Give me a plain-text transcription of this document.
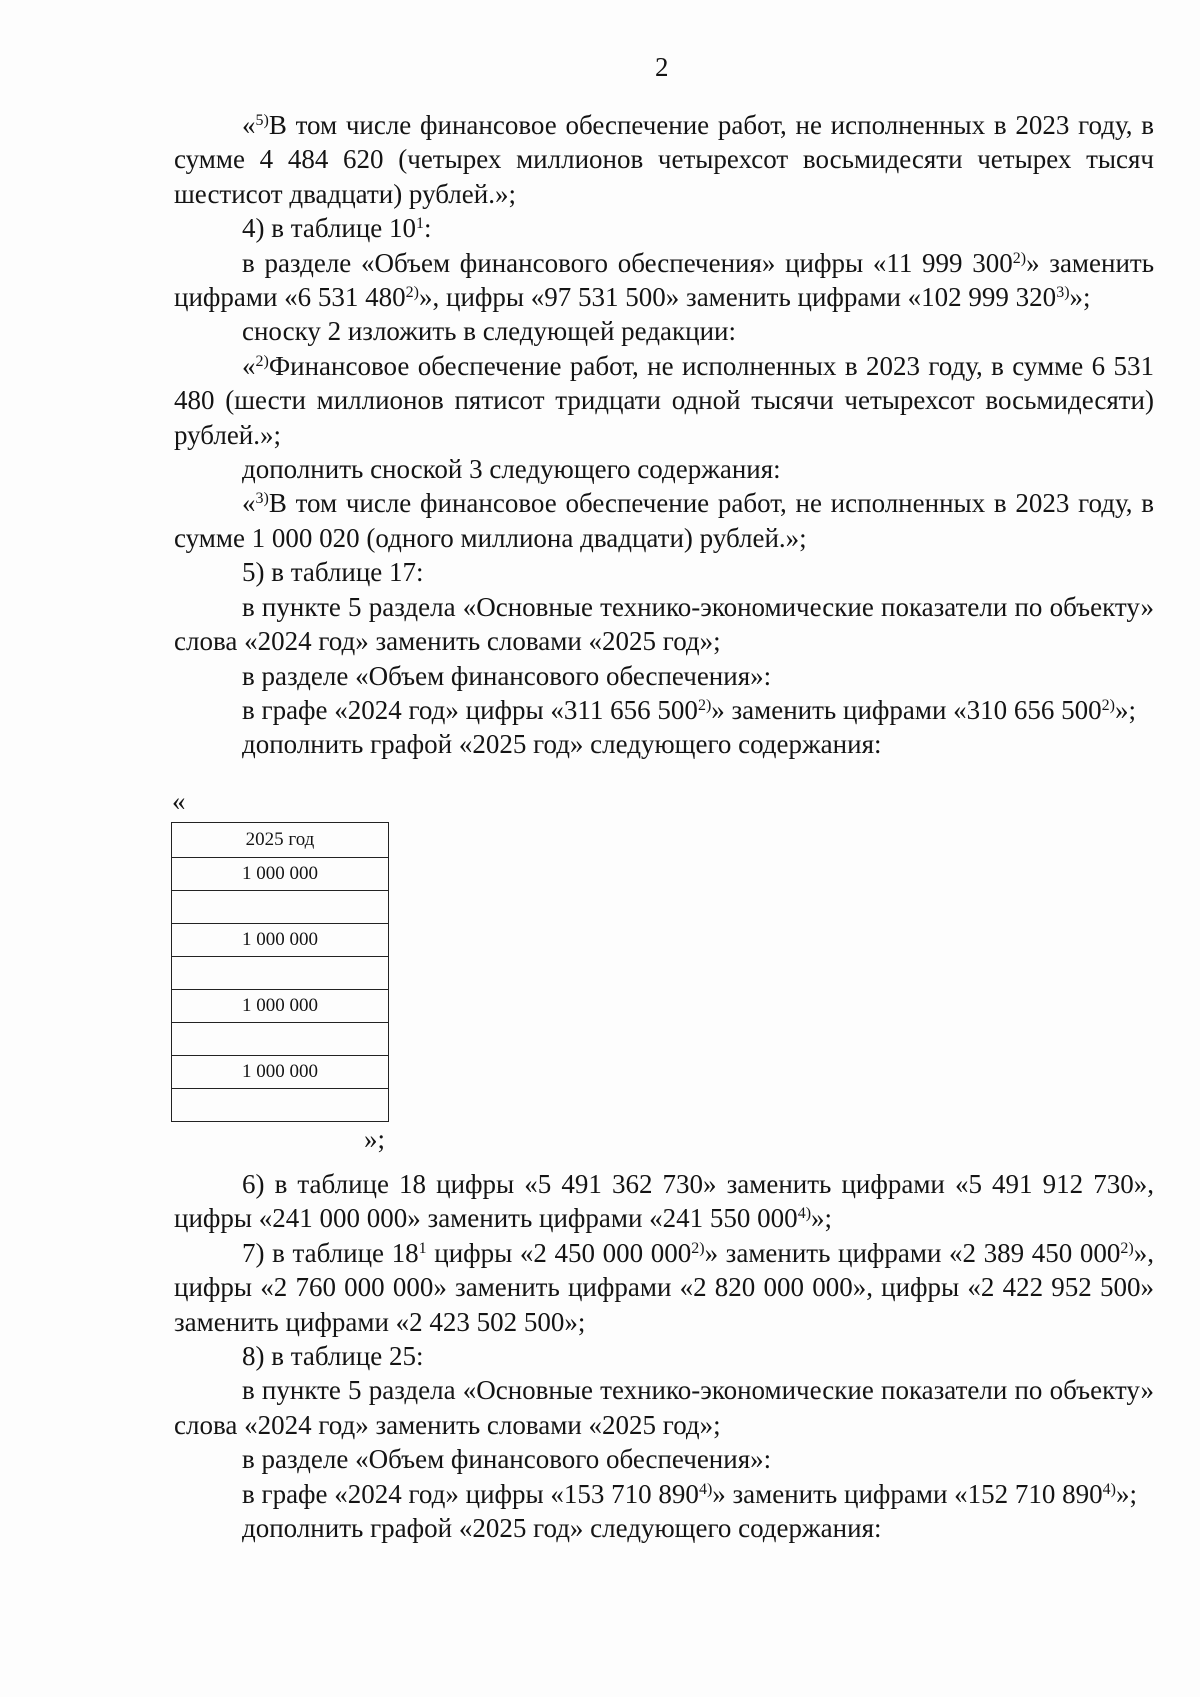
2

«$^{5)}$В том числе финансовое обеспечение работ, не исполненных в 2023 году, в сумме 4 484 620 (четырех миллионов четырехсот восьмидесяти четырех тысяч шестисот двадцати) рублей.»;

4) в таблице $10^1$:

в разделе «Объем финансового обеспечения» цифры «11 999 300$^{2)}$» заменить цифрами «6 531 480$^{2)}$», цифры «97 531 500» заменить цифрами «102 999 320$^{3)}$»;

сноску 2 изложить в следующей редакции:

«$^{2)}$Финансовое обеспечение работ, не исполненных в 2023 году, в сумме 6 531 480 (шести миллионов пятисот тридцати одной тысячи четырехсот восьмидесяти) рублей.»;

дополнить сноской 3 следующего содержания:

«$^{3)}$В том числе финансовое обеспечение работ, не исполненных в 2023 году, в сумме 1 000 020 (одного миллиона двадцати) рублей.»;

5) в таблице 17:

в пункте 5 раздела «Основные технико-экономические показатели по объекту» слова «2024 год» заменить словами «2025 год»;

в разделе «Объем финансового обеспечения»:

в графе «2024 год» цифры «311 656 500$^{2)}$» заменить цифрами «310 656 500$^{2)}$»;

дополнить графой «2025 год» следующего содержания:

«
2025 год
1 000 000

1 000 000

1 000 000

1 000 000

»;

6) в таблице 18 цифры «5 491 362 730» заменить цифрами «5 491 912 730», цифры «241 000 000» заменить цифрами «241 550 000$^{4)}$»;

7) в таблице $18^1$ цифры «2 450 000 000$^{2)}$» заменить цифрами «2 389 450 000$^{2)}$», цифры «2 760 000 000» заменить цифрами «2 820 000 000», цифры «2 422 952 500» заменить цифрами «2 423 502 500»;

8) в таблице 25:

в пункте 5 раздела «Основные технико-экономические показатели по объекту» слова «2024 год» заменить словами «2025 год»;

в разделе «Объем финансового обеспечения»:

в графе «2024 год» цифры «153 710 890$^{4)}$» заменить цифрами «152 710 890$^{4)}$»;

дополнить графой «2025 год» следующего содержания:
